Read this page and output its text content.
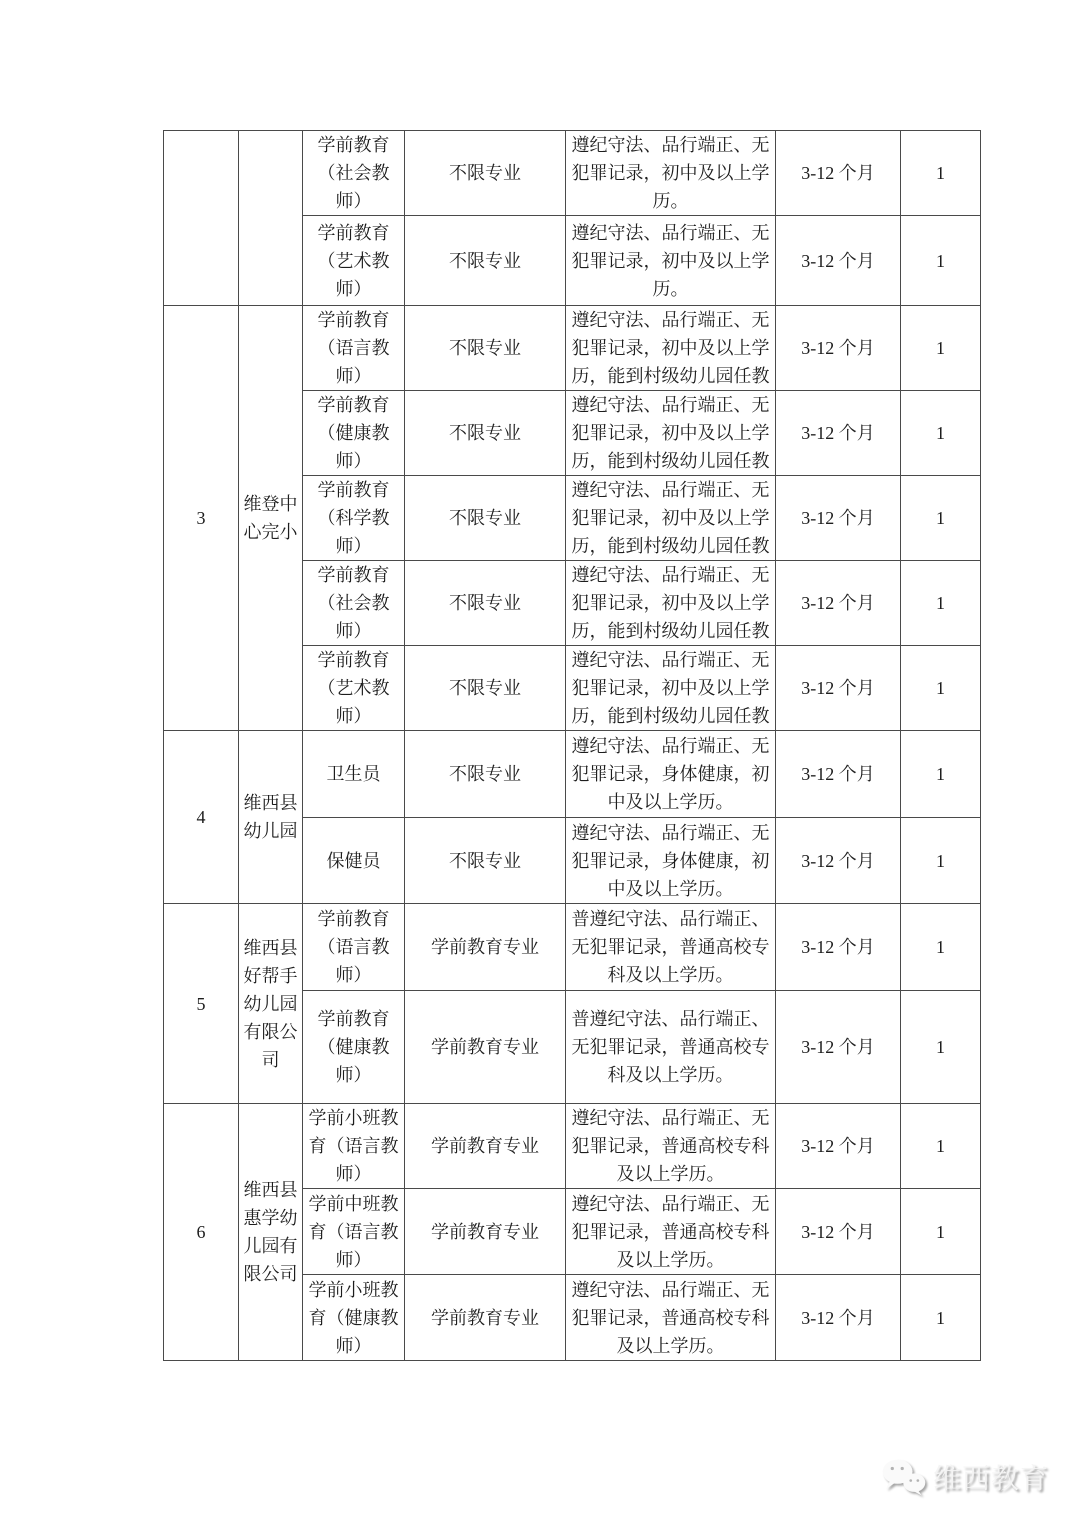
		学前教育（社会教师）	不限专业	遵纪守法、品行端正、无犯罪记录，初中及以上学历。	3-12 个月	1
		学前教育（艺术教师）	不限专业	遵纪守法、品行端正、无犯罪记录，初中及以上学历。	3-12 个月	1
3	维登中心完小	学前教育（语言教师）	不限专业	遵纪守法、品行端正、无犯罪记录，初中及以上学历，能到村级幼儿园任教	3-12 个月	1
		学前教育（健康教师）	不限专业	遵纪守法、品行端正、无犯罪记录，初中及以上学历，能到村级幼儿园任教	3-12 个月	1
		学前教育（科学教师）	不限专业	遵纪守法、品行端正、无犯罪记录，初中及以上学历，能到村级幼儿园任教	3-12 个月	1
		学前教育（社会教师）	不限专业	遵纪守法、品行端正、无犯罪记录，初中及以上学历，能到村级幼儿园任教	3-12 个月	1
		学前教育（艺术教师）	不限专业	遵纪守法、品行端正、无犯罪记录，初中及以上学历，能到村级幼儿园任教	3-12 个月	1
4	维西县幼儿园	卫生员	不限专业	遵纪守法、品行端正、无犯罪记录，身体健康，初中及以上学历。	3-12 个月	1
		保健员	不限专业	遵纪守法、品行端正、无犯罪记录，身体健康，初中及以上学历。	3-12 个月	1
5	维西县好帮手幼儿园有限公司	学前教育（语言教师）	学前教育专业	普遵纪守法、品行端正、无犯罪记录，普通高校专科及以上学历。	3-12 个月	1
		学前教育（健康教师）	学前教育专业	普遵纪守法、品行端正、无犯罪记录，普通高校专科及以上学历。	3-12 个月	1
6	维西县惠学幼儿园有限公司	学前小班教育（语言教师）	学前教育专业	遵纪守法、品行端正、无犯罪记录，普通高校专科及以上学历。	3-12 个月	1
		学前中班教育（语言教师）	学前教育专业	遵纪守法、品行端正、无犯罪记录，普通高校专科及以上学历。	3-12 个月	1
		学前小班教育（健康教师）	学前教育专业	遵纪守法、品行端正、无犯罪记录，普通高校专科及以上学历。	3-12 个月	1
维西教育
